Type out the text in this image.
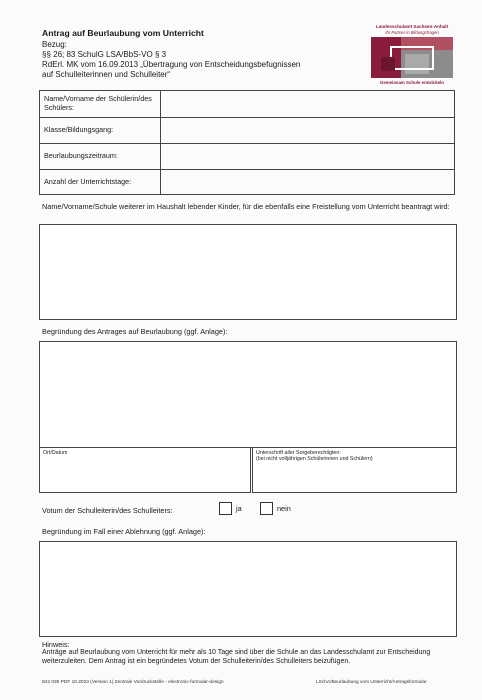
Antrag auf Beurlaubung vom Unterricht
Bezug:
§§ 26; 83 SchulG LSA/BbS-VO § 3
RdErl. MK vom 16.09.2013 „Übertragung von Entscheidungsbefugnissen
auf Schulleiterinnen und Schulleiter“
Landesschulamt Sachsen-Anhalt
Ihr Partner in Bildungsfragen
Gemeinsam Schule entwickeln
Name/Vorname der Schülerin/des Schülers:	
Klasse/Bildungsgang:	
Beurlaubungszeitraum:	
Anzahl der Unterrichtstage:	
Name/Vorname/Schule weiterer im Haushalt lebender Kinder, für die ebenfalls eine Freistellung vom Unterricht beantragt wird:
Begründung des Antrages auf Beurlaubung (ggf. Anlage):
Ort/Datum	Unterschrift aller Sorgeberechtigten:
(bei nicht volljährigen Schülerinnen und Schülern)
Votum der Schulleiterin/des Schulleiters:	ja	nein
Begründung im Fall einer Ablehnung (ggf. Anlage):
Hinweis:
Anträge auf Beurlaubung vom Unterricht für mehr als 10 Tage sind über die Schule an das Landesschulamt zur Entscheidung weiterzuleiten. Dem Antrag ist ein begründetes Votum der Schulleiterin/des Schulleiters beizufügen.
842 035 PDF 10.2023 (Version 1) Zentrale Vordruckstelle - electronic-formular-design	LSchA/Beurlaubung vom Unterricht/Antragsformular
